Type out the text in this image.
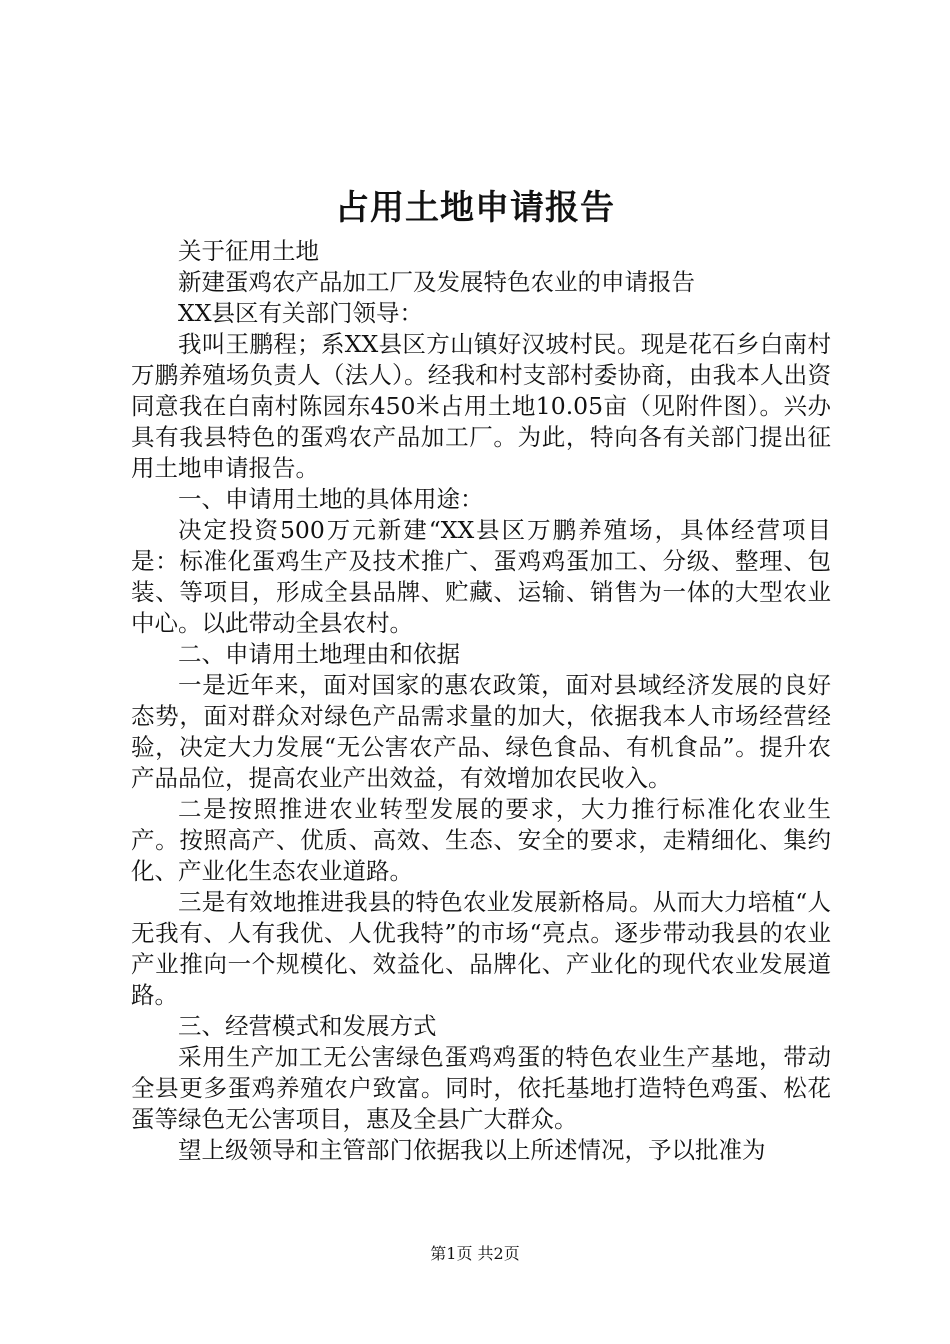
占用土地申请报告

关于征用土地

新建蛋鸡农产品加工厂及发展特色农业的申请报告

XX县区有关部门领导：

我叫王鹏程；系XX县区方山镇好汉坡村民。现是花石乡白南村万鹏养殖场负责人（法人）。经我和村支部村委协商，由我本人出资同意我在白南村陈园东450米占用土地10.05亩（见附件图）。兴办具有我县特色的蛋鸡农产品加工厂。为此，特向各有关部门提出征用土地申请报告。

一、申请用土地的具体用途：

决定投资500万元新建“XX县区万鹏养殖场，具体经营项目是：标准化蛋鸡生产及技术推广、蛋鸡鸡蛋加工、分级、整理、包装、等项目，形成全县品牌、贮藏、运输、销售为一体的大型农业中心。以此带动全县农村。

二、申请用土地理由和依据

一是近年来，面对国家的惠农政策，面对县域经济发展的良好态势，面对群众对绿色产品需求量的加大，依据我本人市场经营经验，决定大力发展“无公害农产品、绿色食品、有机食品”。提升农产品品位，提高农业产出效益，有效增加农民收入。

二是按照推进农业转型发展的要求，大力推行标准化农业生产。按照高产、优质、高效、生态、安全的要求，走精细化、集约化、产业化生态农业道路。

三是有效地推进我县的特色农业发展新格局。从而大力培植“人无我有、人有我优、人优我特”的市场“亮点。逐步带动我县的农业产业推向一个规模化、效益化、品牌化、产业化的现代农业发展道路。

三、经营模式和发展方式

采用生产加工无公害绿色蛋鸡鸡蛋的特色农业生产基地，带动全县更多蛋鸡养殖农户致富。同时，依托基地打造特色鸡蛋、松花蛋等绿色无公害项目，惠及全县广大群众。

望上级领导和主管部门依据我以上所述情况，予以批准为

第1页 共2页
